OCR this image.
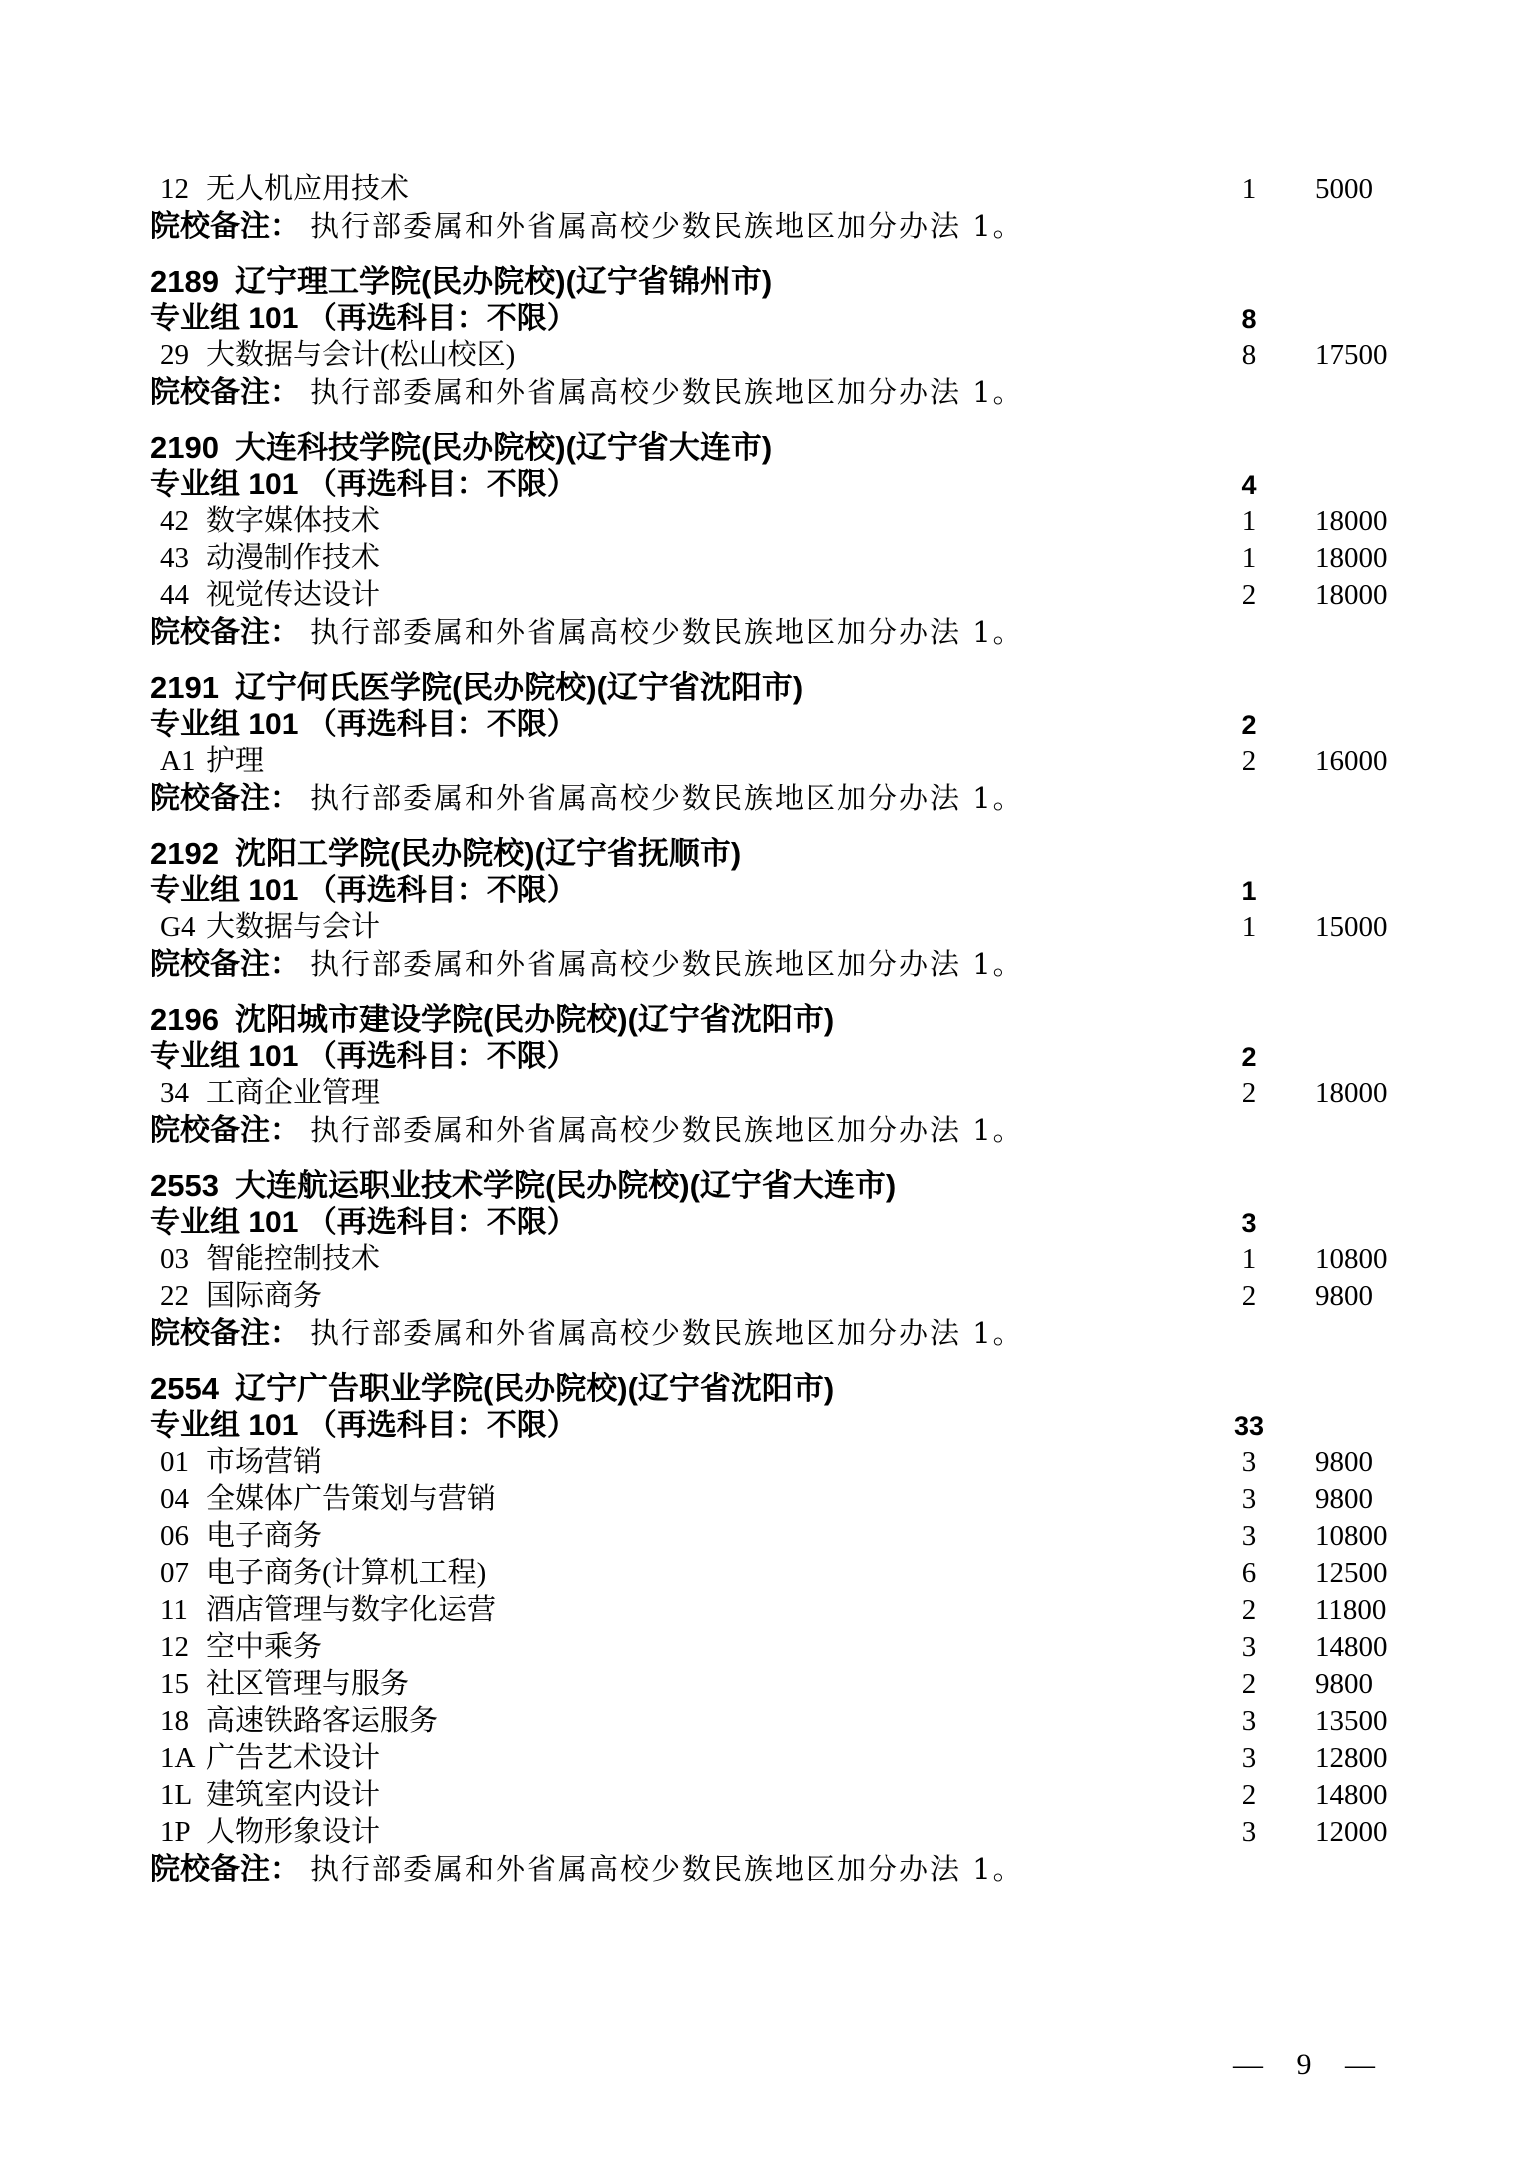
12 无人机应用技术	1	5000
院校备注： 执行部委属和外省属高校少数民族地区加分办法 1。
2189 辽宁理工学院(民办院校)(辽宁省锦州市)
专业组 101 （再选科目：不限）	8
29 大数据与会计(松山校区)	8	17500
院校备注： 执行部委属和外省属高校少数民族地区加分办法 1。
2190 大连科技学院(民办院校)(辽宁省大连市)
专业组 101 （再选科目：不限）	4
42 数字媒体技术	1	18000
43 动漫制作技术	1	18000
44 视觉传达设计	2	18000
院校备注： 执行部委属和外省属高校少数民族地区加分办法 1。
2191 辽宁何氏医学院(民办院校)(辽宁省沈阳市)
专业组 101 （再选科目：不限）	2
A1 护理	2	16000
院校备注： 执行部委属和外省属高校少数民族地区加分办法 1。
2192 沈阳工学院(民办院校)(辽宁省抚顺市)
专业组 101 （再选科目：不限）	1
G4 大数据与会计	1	15000
院校备注： 执行部委属和外省属高校少数民族地区加分办法 1。
2196 沈阳城市建设学院(民办院校)(辽宁省沈阳市)
专业组 101 （再选科目：不限）	2
34 工商企业管理	2	18000
院校备注： 执行部委属和外省属高校少数民族地区加分办法 1。
2553 大连航运职业技术学院(民办院校)(辽宁省大连市)
专业组 101 （再选科目：不限）	3
03 智能控制技术	1	10800
22 国际商务	2	9800
院校备注： 执行部委属和外省属高校少数民族地区加分办法 1。
2554 辽宁广告职业学院(民办院校)(辽宁省沈阳市)
专业组 101 （再选科目：不限）	33
01 市场营销	3	9800
04 全媒体广告策划与营销	3	9800
06 电子商务	3	10800
07 电子商务(计算机工程)	6	12500
11 酒店管理与数字化运营	2	11800
12 空中乘务	3	14800
15 社区管理与服务	2	9800
18 高速铁路客运服务	3	13500
1A 广告艺术设计	3	12800
1L 建筑室内设计	2	14800
1P 人物形象设计	3	12000
院校备注： 执行部委属和外省属高校少数民族地区加分办法 1。
— 9 —
